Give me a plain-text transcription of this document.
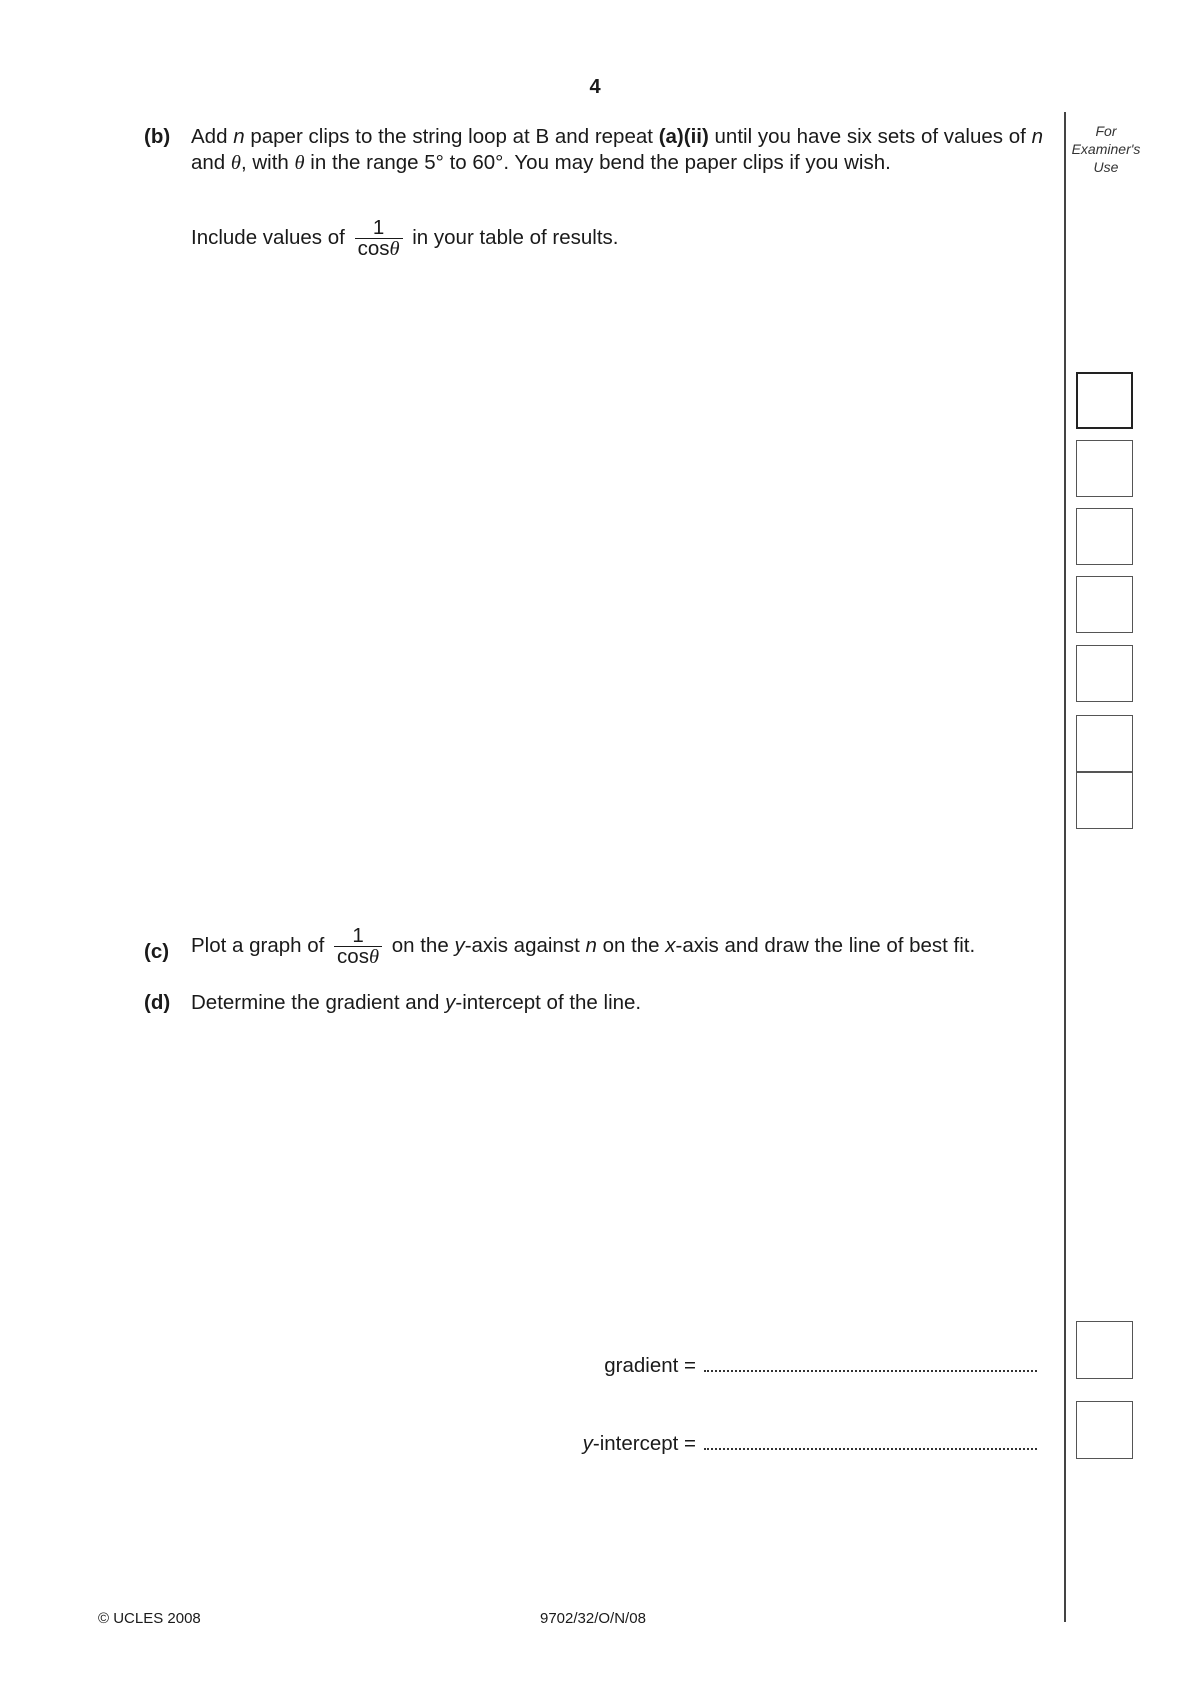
4
For
Examiner's
Use
(b) Add n paper clips to the string loop at B and repeat (a)(ii) until you have six sets of values of n and θ, with θ in the range 5° to 60°. You may bend the paper clips if you wish.
Include values of $\frac{1}{\cos\theta}$ in your table of results.
(c) Plot a graph of $\frac{1}{\cos\theta}$ on the y-axis against n on the x-axis and draw the line of best fit.
(d) Determine the gradient and y-intercept of the line.
gradient =
y-intercept =
© UCLES 2008	9702/32/O/N/08
